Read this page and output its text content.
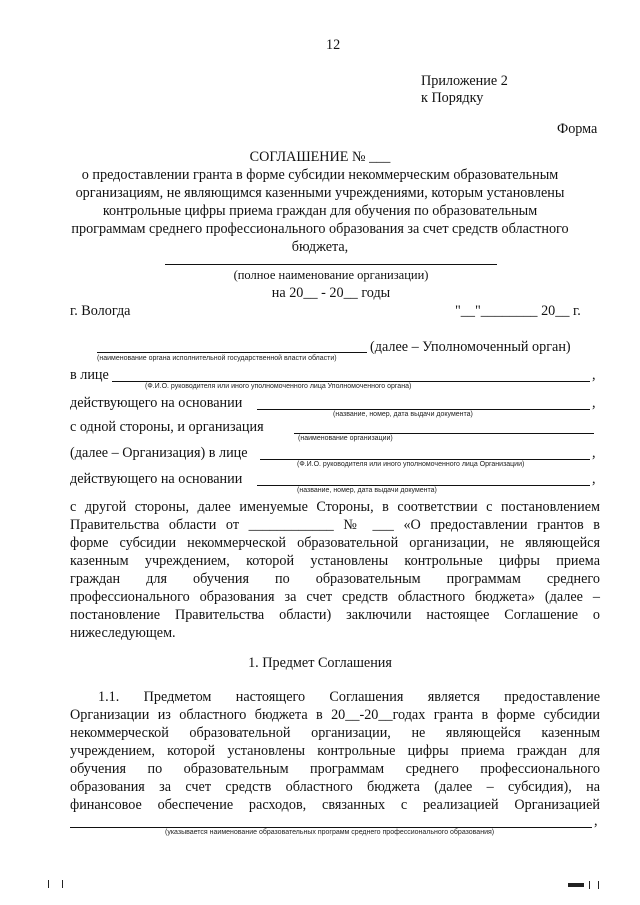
12
Приложение 2
к Порядку
Форма
СОГЛАШЕНИЕ № ___
о предоставлении гранта в форме субсидии некоммерческим образовательным
организациям, не являющимся казенными учреждениями, которым установлены
контрольные цифры приема граждан для обучения по образовательным
программам среднего профессионального образования за счет средств областного
бюджета,
(полное наименование организации)
на 20__ - 20__ годы
г. Вологда	"__"________ 20__ г.
(далее – Уполномоченный орган)
(наименование органа исполнительной государственной власти области)
в лице	,
(Ф.И.О. руководителя или иного уполномоченного лица Уполномоченного органа)
действующего на основании	,
(название, номер, дата выдачи документа)
с одной стороны, и организация
(наименование организации)
(далее – Организация) в лице	,
(Ф.И.О. руководителя или иного уполномоченного лица Организации)
действующего на основании	,
(название, номер, дата выдачи документа)
с другой стороны, далее именуемые Стороны, в соответствии с постановлением
Правительства области от ____________ № ___ «О предоставлении грантов в
форме субсидии некоммерческой образовательной организации, не являющейся
казенным учреждением, которой установлены контрольные цифры приема
граждан для обучения по образовательным программам среднего
профессионального образования за счет средств областного бюджета» (далее –
постановление Правительства области) заключили настоящее Соглашение о
нижеследующем.
1. Предмет Соглашения
1.1. Предметом настоящего Соглашения является предоставление
Организации из областного бюджета в 20__-20__годах гранта в форме субсидии
некоммерческой образовательной организации, не являющейся казенным
учреждением, которой установлены контрольные цифры приема граждан для
обучения по образовательным программам среднего профессионального
образования за счет средств областного бюджета (далее – субсидия), на
финансовое обеспечение расходов, связанных с реализацией Организацией
,
(указывается наименование образовательных программ среднего профессионального образования)
